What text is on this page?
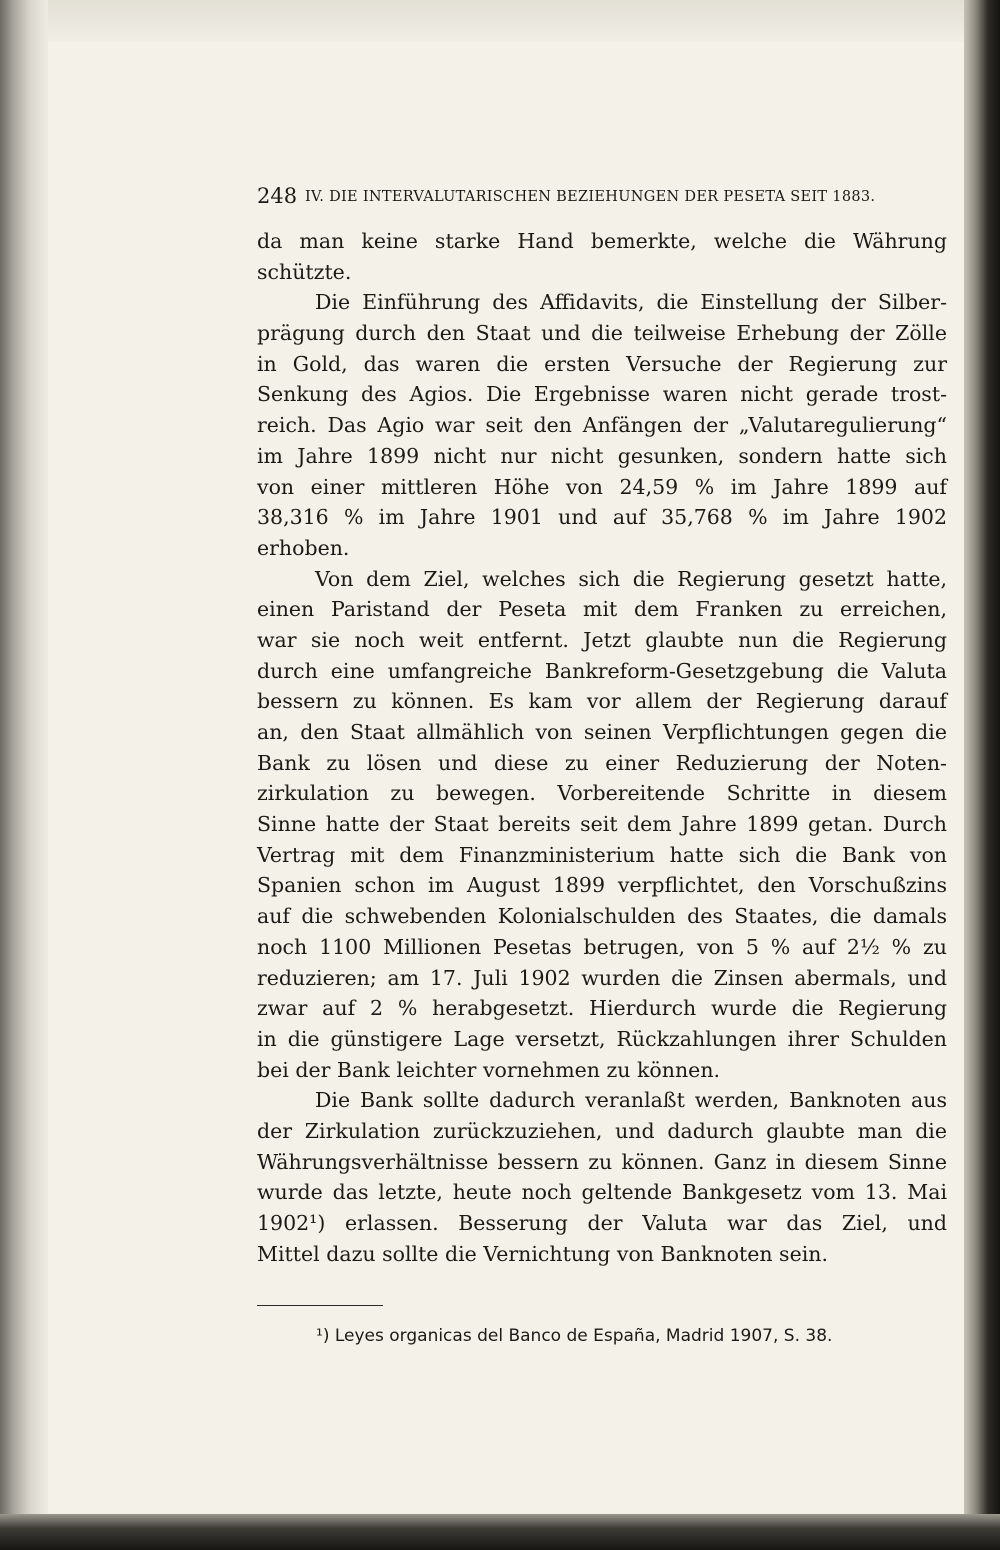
248 IV. DIE INTERVALUTARISCHEN BEZIEHUNGEN DER PESETA SEIT 1883.
da man keine starke Hand bemerkte, welche die Währung
schützte.
Die Einführung des Affidavits, die Einstellung der Silber-
prägung durch den Staat und die teilweise Erhebung der Zölle
in Gold, das waren die ersten Versuche der Regierung zur
Senkung des Agios. Die Ergebnisse waren nicht gerade trost-
reich. Das Agio war seit den Anfängen der „Valutaregulierung“
im Jahre 1899 nicht nur nicht gesunken, sondern hatte sich
von einer mittleren Höhe von 24,59 % im Jahre 1899 auf
38,316 % im Jahre 1901 und auf 35,768 % im Jahre 1902
erhoben.
Von dem Ziel, welches sich die Regierung gesetzt hatte,
einen Paristand der Peseta mit dem Franken zu erreichen,
war sie noch weit entfernt. Jetzt glaubte nun die Regierung
durch eine umfangreiche Bankreform-Gesetzgebung die Valuta
bessern zu können. Es kam vor allem der Regierung darauf
an, den Staat allmählich von seinen Verpflichtungen gegen die
Bank zu lösen und diese zu einer Reduzierung der Noten-
zirkulation zu bewegen. Vorbereitende Schritte in diesem
Sinne hatte der Staat bereits seit dem Jahre 1899 getan. Durch
Vertrag mit dem Finanzministerium hatte sich die Bank von
Spanien schon im August 1899 verpflichtet, den Vorschußzins
auf die schwebenden Kolonialschulden des Staates, die damals
noch 1100 Millionen Pesetas betrugen, von 5 % auf 2½ % zu
reduzieren; am 17. Juli 1902 wurden die Zinsen abermals, und
zwar auf 2 % herabgesetzt. Hierdurch wurde die Regierung
in die günstigere Lage versetzt, Rückzahlungen ihrer Schulden
bei der Bank leichter vornehmen zu können.
Die Bank sollte dadurch veranlaßt werden, Banknoten aus
der Zirkulation zurückzuziehen, und dadurch glaubte man die
Währungsverhältnisse bessern zu können. Ganz in diesem Sinne
wurde das letzte, heute noch geltende Bankgesetz vom 13. Mai
1902¹) erlassen. Besserung der Valuta war das Ziel, und
Mittel dazu sollte die Vernichtung von Banknoten sein.
¹) Leyes organicas del Banco de España, Madrid 1907, S. 38.
